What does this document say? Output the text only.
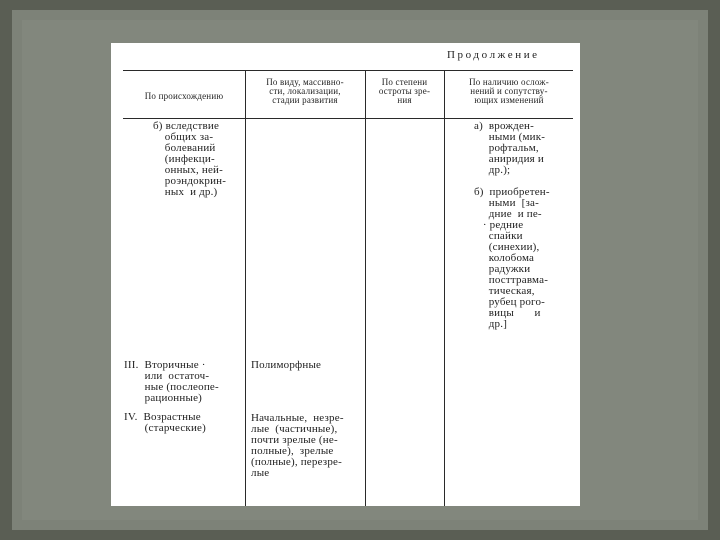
Продолжение
По происхождению
По виду, массивно-
сти, локализации,
стадии развития
По степени
остроты зре-
ния
По наличию ослож-
нений и сопутству-
ющих изменений
б) вследствие
общих за-
болеваний
(инфекци-
онных, ней-
роэндокрин-
ных  и др.)
III.  Вторичные ·
или  остаточ-
ные (послеопе-
рационные)
IV.  Возрастные
(старческие)
Полиморфные
Начальные,  незре-
лые  (частичные),
почти зрелые (не-
полные),  зрелые
(полные), перезре-
лые
а)  врожден-
ными (мик-
рофтальм,
аниридия и
др.);
б)  приобретен-
ными  [за-
дние  и пе-
· редние
спайки
(синехии),
колобома
радужки
посттравма-
тическая,
рубец рого-
вицы       и
др.]
